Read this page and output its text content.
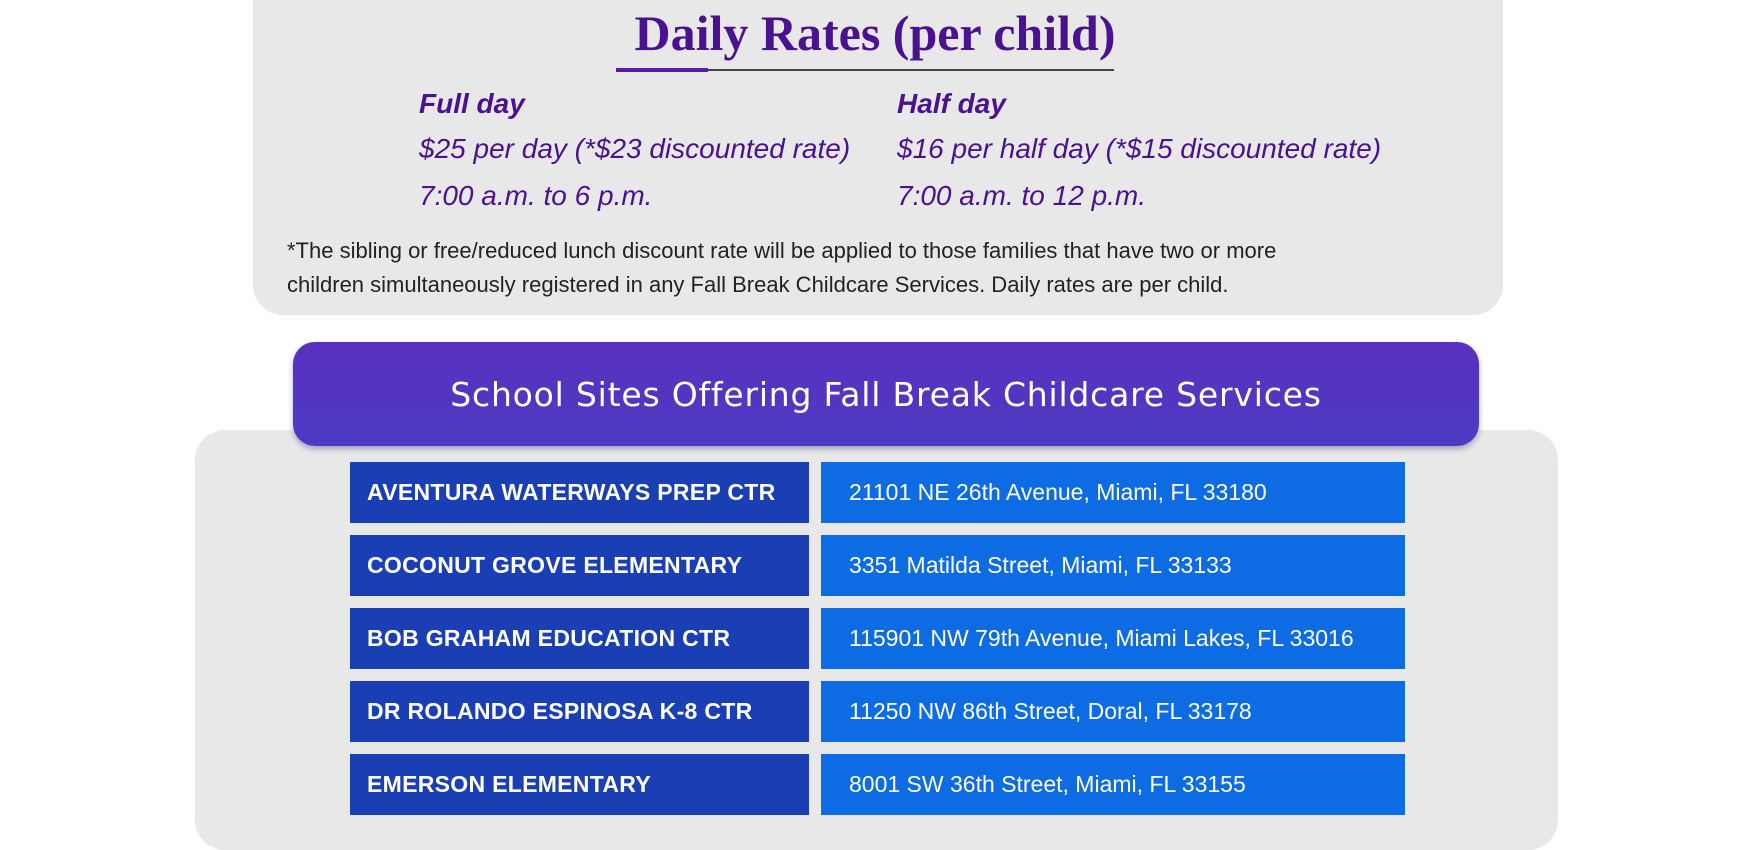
Daily Rates (per child)
Full day
$25 per day (*$23 discounted rate)
7:00 a.m. to 6 p.m.
Half day
$16 per half day (*$15 discounted rate)
7:00 a.m. to 12 p.m.
*The sibling or free/reduced lunch discount rate will be applied to those families that have two or more
children simultaneously registered in any Fall Break Childcare Services. Daily rates are per child.
School Sites Offering Fall Break Childcare Services
AVENTURA WATERWAYS PREP CTR	21101 NE 26th Avenue, Miami, FL 33180
COCONUT GROVE ELEMENTARY	3351 Matilda Street, Miami, FL 33133
BOB GRAHAM EDUCATION CTR	115901 NW 79th Avenue, Miami Lakes, FL 33016
DR ROLANDO ESPINOSA K-8 CTR	11250 NW 86th Street, Doral, FL 33178
EMERSON ELEMENTARY	8001 SW 36th Street, Miami, FL 33155
